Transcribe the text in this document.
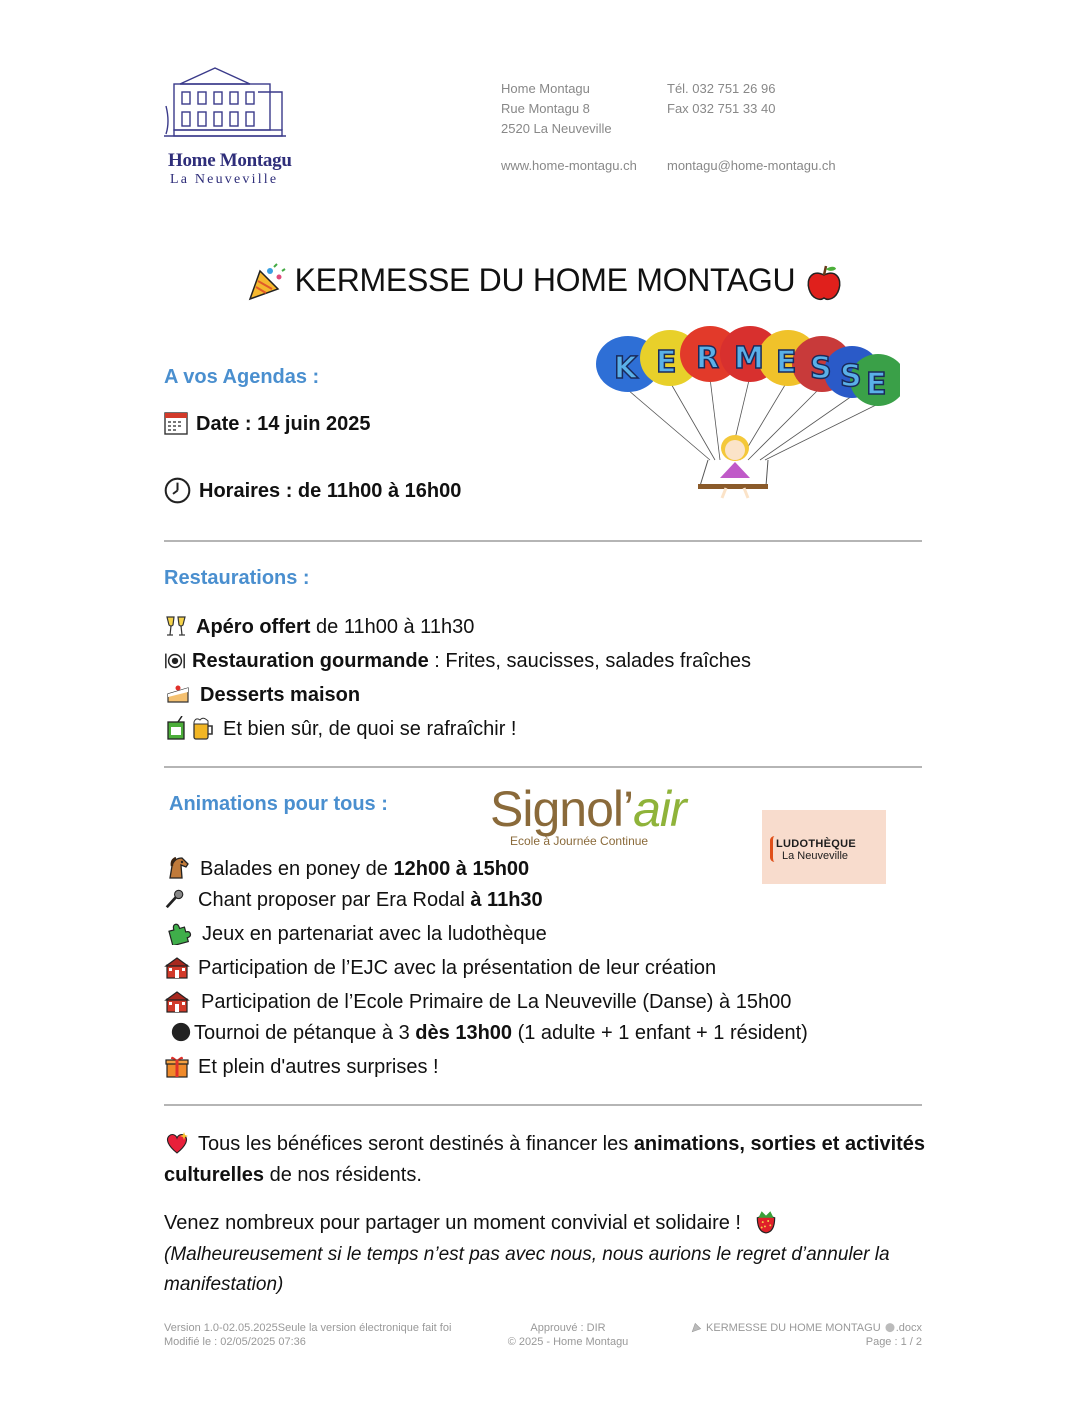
Home Montagu
La Neuveville
Home Montagu
Rue Montagu 8
2520 La Neuveville
Tél. 032 751 26 96
Fax 032 751 33 40
www.home-montagu.ch montagu@home-montagu.ch
KERMESSE DU HOME MONTAGU
K E R M E S S E
A vos Agendas :
Date : 14 juin 2025
Horaires : de 11h00 à 16h00
Restaurations :
Apéro offert de 11h00 à 11h30
Restauration gourmande : Frites, saucisses, salades fraîches
Desserts maison
Et bien sûr, de quoi se rafraîchir !
Animations pour tous : Signol’air
Ecole à Journée Continue	LUDOTHÈQUE
La Neuveville
Balades en poney de 12h00 à 15h00
Chant proposer par Era Rodal à 11h30
Jeux en partenariat avec la ludothèque
Participation de l’EJC avec la présentation de leur création
Participation de l’Ecole Primaire de La Neuveville (Danse) à 15h00
Tournoi de pétanque à 3 dès 13h00 (1 adulte + 1 enfant + 1 résident)
Et plein d'autres surprises !
Tous les bénéfices seront destinés à financer les animations, sorties et activités culturelles de nos résidents.
Venez nombreux pour partager un moment convivial et solidaire !
(Malheureusement si le temps n’est pas avec nous, nous aurions le regret d’annuler la manifestation)
Version 1.0-02.05.2025Seule la version électronique fait foi
Modifié le : 02/05/2025 07:36
Approuvé : DIR
© 2025 - Home Montagu
KERMESSE DU HOME MONTAGU .docx
Page : 1 / 2
